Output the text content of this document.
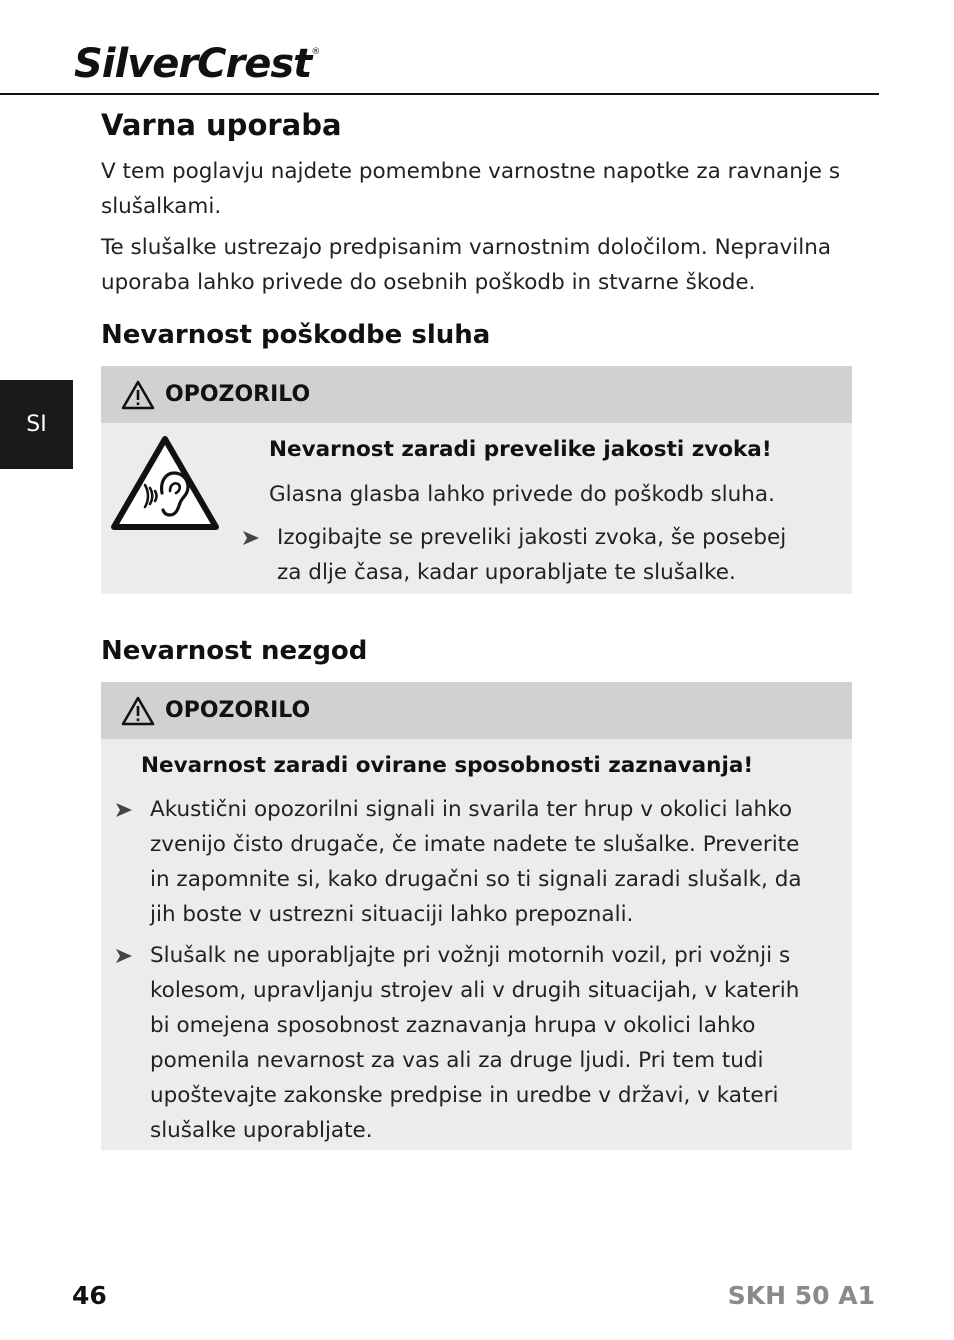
SilverCrest®
SI
Varna uporaba

V tem poglavju najdete pomembne varnostne napotke za ravnanje s slušalkami.

Te slušalke ustrezajo predpisanim varnostnim določilom. Nepravilna uporaba lahko privede do osebnih poškodb in stvarne škode.

Nevarnost poškodbe sluha
OPOZORILO

Nevarnost zaradi prevelike jakosti zvoka!

Glasna glasba lahko privede do poškodb sluha.

Izogibajte se preveliki jakosti zvoka, še posebej za dlje časa, kadar uporabljate te slušalke.

Nevarnost nezgod
OPOZORILO

Nevarnost zaradi ovirane sposobnosti zaznavanja!

Akustični opozorilni signali in svarila ter hrup v okolici lahko zvenijo čisto drugače, če imate nadete te slušalke. Preverite in zapomnite si, kako drugačni so ti signali zaradi slušalk, da jih boste v ustrezni situaciji lahko prepoznali.

Slušalk ne uporabljajte pri vožnji motornih vozil, pri vožnji s kolesom, upravljanju strojev ali v drugih situacijah, v katerih bi omejena sposobnost zaznavanja hrupa v okolici lahko pomenila nevarnost za vas ali za druge ljudi. Pri tem tudi upoštevajte zakonske predpise in uredbe v državi, v kateri slušalke uporabljate.

46	SKH 50 A1
